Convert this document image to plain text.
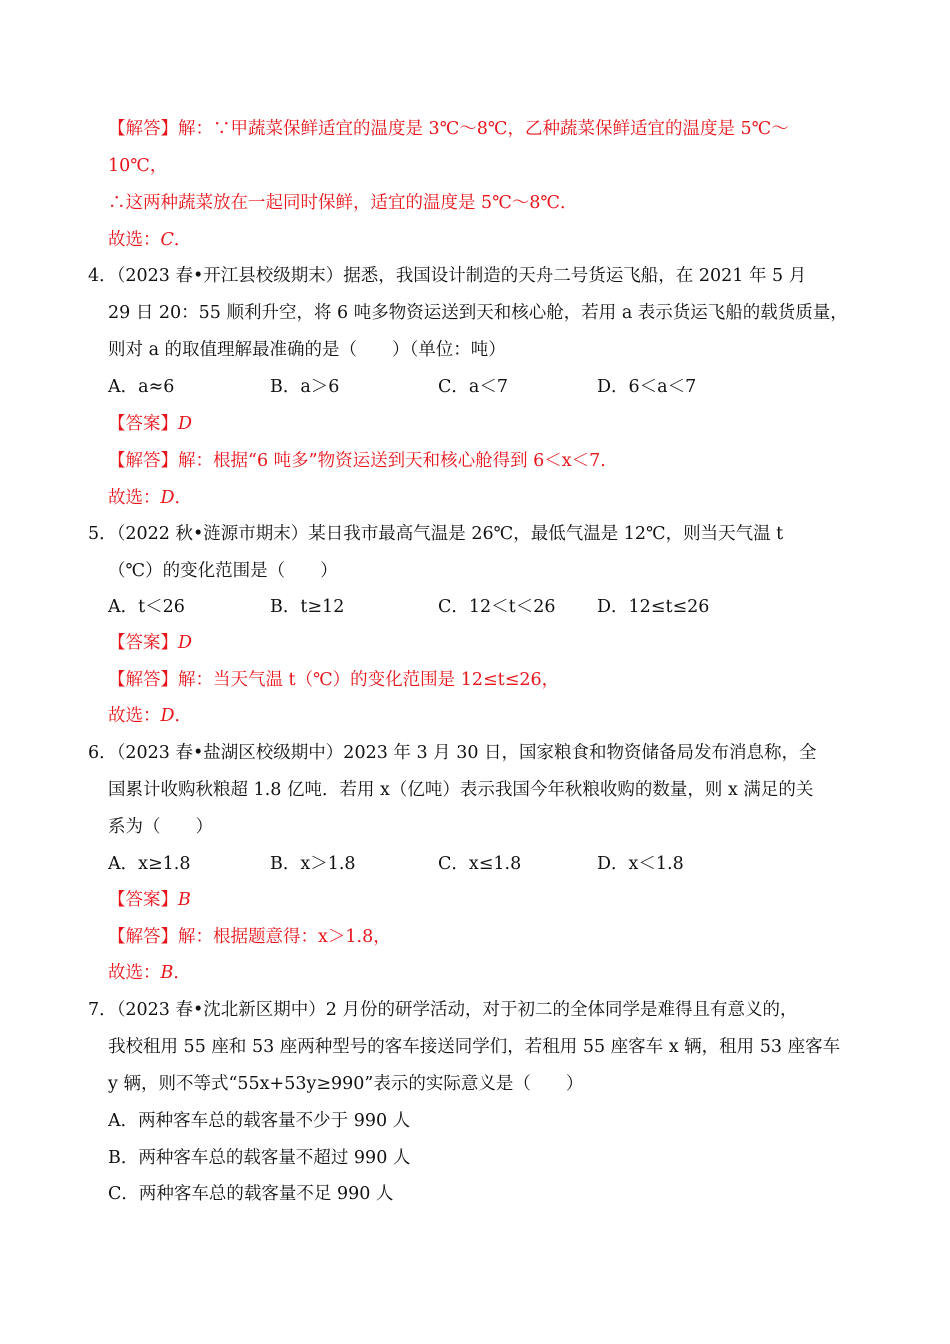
【解答】解：∵甲蔬菜保鲜适宜的温度是 3℃～8℃，乙种蔬菜保鲜适宜的温度是 5℃～
10℃，
∴这两种蔬菜放在一起同时保鲜，适宜的温度是 5℃～8℃．
故选：C．
4．（2023 春•开江县校级期末）据悉，我国设计制造的天舟二号货运飞船，在 2021 年 5 月
29 日 20：55 顺利升空，将 6 吨多物资运送到天和核心舱，若用 a 表示货运飞船的载货质量，
则对 a 的取值理解最准确的是（　　）（单位：吨）
A．a≈6	B．a＞6	C．a＜7	D．6＜a＜7
【答案】D
【解答】解：根据“6 吨多”物资运送到天和核心舱得到 6＜x＜7.
故选：D．
5．（2022 秋•涟源市期末）某日我市最高气温是 26℃，最低气温是 12℃，则当天气温 t
（℃）的变化范围是（　　）
A．t＜26	B．t≥12	C．12＜t＜26 D．12≤t≤26
【答案】D
【解答】解：当天气温 t（℃）的变化范围是 12≤t≤26，
故选：D．
6．（2023 春•盐湖区校级期中）2023 年 3 月 30 日，国家粮食和物资储备局发布消息称，全
国累计收购秋粮超 1.8 亿吨．若用 x（亿吨）表示我国今年秋粮收购的数量，则 x 满足的关
系为（　　）
A．x≥1.8	B．x＞1.8	C．x≤1.8	D．x＜1.8
【答案】B
【解答】解：根据题意得：x＞1.8，
故选：B．
7．（2023 春•沈北新区期中）2 月份的研学活动，对于初二的全体同学是难得且有意义的，
我校租用 55 座和 53 座两种型号的客车接送同学们，若租用 55 座客车 x 辆，租用 53 座客车
y 辆，则不等式“55x+53y≥990”表示的实际意义是（　　）
A．两种客车总的载客量不少于 990 人
B．两种客车总的载客量不超过 990 人
C．两种客车总的载客量不足 990 人
